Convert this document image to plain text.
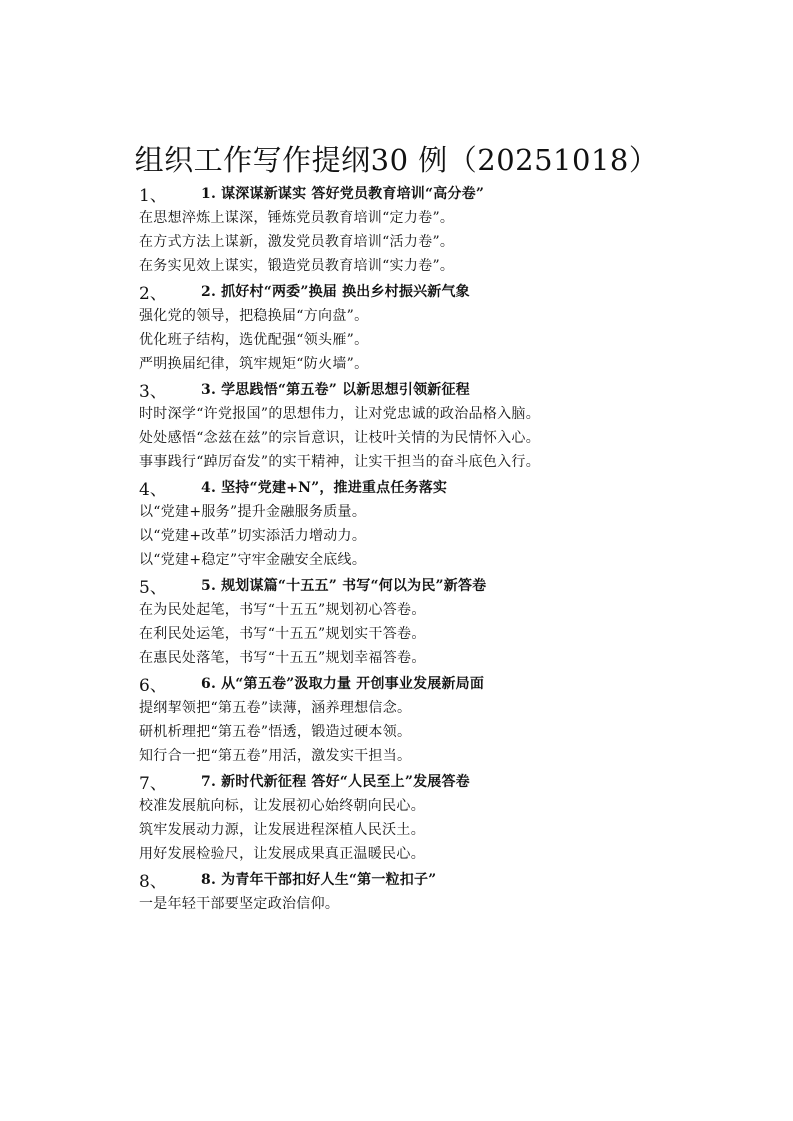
组织工作写作提纲30 例（20251018）
1、	1. 谋深谋新谋实 答好党员教育培训“高分卷”
在思想淬炼上谋深，锤炼党员教育培训“定力卷”。
在方式方法上谋新，激发党员教育培训“活力卷”。
在务实见效上谋实，锻造党员教育培训“实力卷”。
2、	2. 抓好村“两委”换届 换出乡村振兴新气象
强化党的领导，把稳换届“方向盘”。
优化班子结构，选优配强“领头雁”。
严明换届纪律，筑牢规矩“防火墙”。
3、	3. 学思践悟“第五卷” 以新思想引领新征程
时时深学“许党报国”的思想伟力，让对党忠诚的政治品格入脑。
处处感悟“念兹在兹”的宗旨意识，让枝叶关情的为民情怀入心。
事事践行“踔厉奋发”的实干精神，让实干担当的奋斗底色入行。
4、	4. 坚持“党建+N”，推进重点任务落实
以“党建+服务”提升金融服务质量。
以“党建+改革”切实添活力增动力。
以“党建+稳定”守牢金融安全底线。
5、	5. 规划谋篇“十五五” 书写“何以为民”新答卷
在为民处起笔，书写“十五五”规划初心答卷。
在利民处运笔，书写“十五五”规划实干答卷。
在惠民处落笔，书写“十五五”规划幸福答卷。
6、	6. 从“第五卷”汲取力量 开创事业发展新局面
提纲挈领把“第五卷”读薄，涵养理想信念。
研机析理把“第五卷”悟透，锻造过硬本领。
知行合一把“第五卷”用活，激发实干担当。
7、	7. 新时代新征程 答好“人民至上”发展答卷
校准发展航向标，让发展初心始终朝向民心。
筑牢发展动力源，让发展进程深植人民沃土。
用好发展检验尺，让发展成果真正温暖民心。
8、	8. 为青年干部扣好人生“第一粒扣子”
一是年轻干部要坚定政治信仰。
